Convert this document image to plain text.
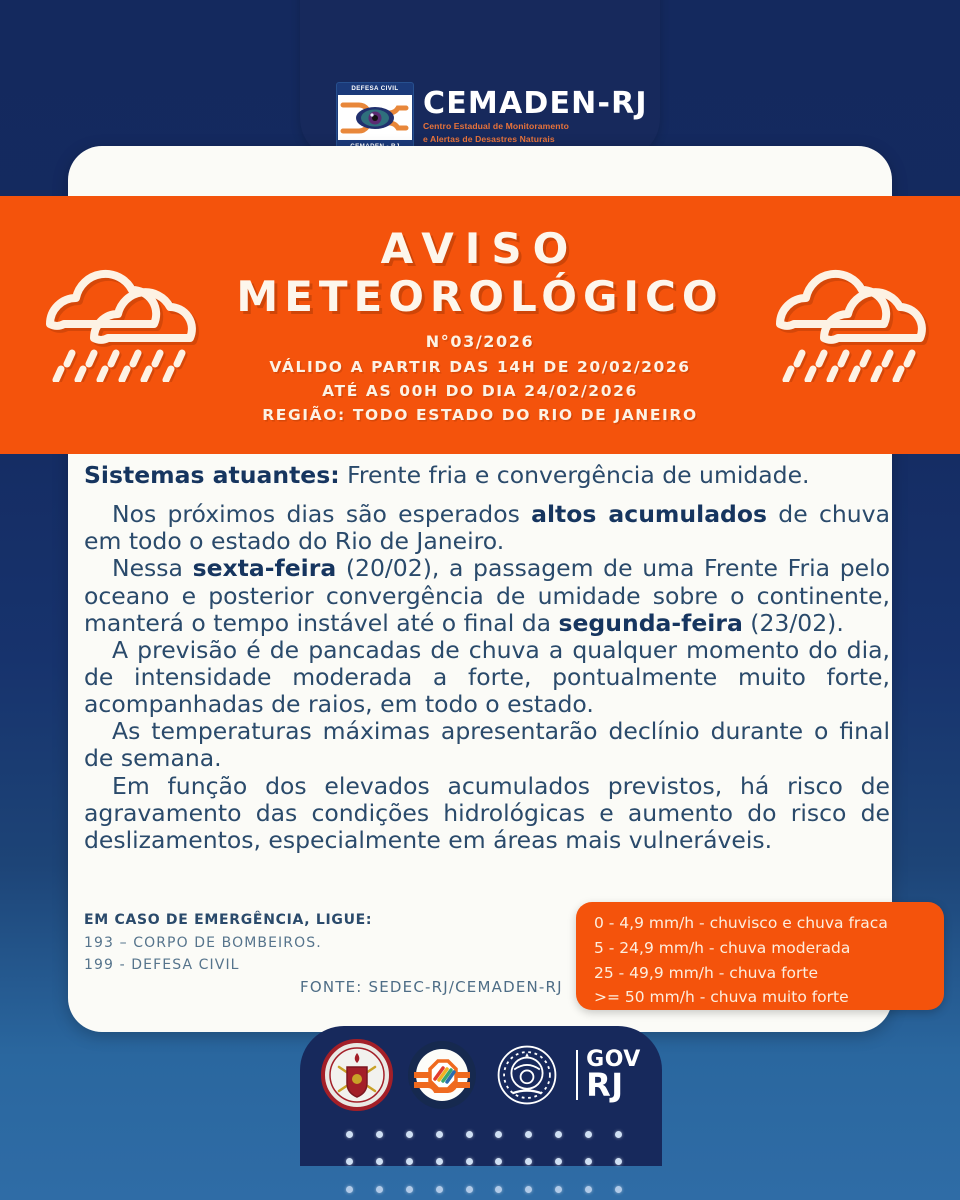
DEFESA CIVIL CEMADEN-RJ
Centro Estadual de Monitoramento
e Alertas de Desastres Naturais
AVISO
METEOROLÓGICO
N°03/2026
VÁLIDO A PARTIR DAS 14H DE 20/02/2026
ATÉ AS 00H DO DIA 24/02/2026
REGIÃO: TODO ESTADO DO RIO DE JANEIRO

Sistemas atuantes: Frente fria e convergência de umidade.

Nos próximos dias são esperados altos acumulados de chuva em todo o estado do Rio de Janeiro.

Nessa sexta-feira (20/02), a passagem de uma Frente Fria pelo oceano e posterior convergência de umidade sobre o continente, manterá o tempo instável até o final da segunda-feira (23/02).

A previsão é de pancadas de chuva a qualquer momento do dia, de intensidade moderada a forte, pontualmente muito forte, acompanhadas de raios, em todo o estado.

As temperaturas máximas apresentarão declínio durante o final de semana.

Em função dos elevados acumulados previstos, há risco de agravamento das condições hidrológicas e aumento do risco de deslizamentos, especialmente em áreas mais vulneráveis.

EM CASO DE EMERGÊNCIA, LIGUE:
193 – CORPO DE BOMBEIROS.
199 - DEFESA CIVIL
FONTE: SEDEC-RJ/CEMADEN-RJ
0 - 4,9 mm/h - chuvisco e chuva fraca
5 - 24,9 mm/h - chuva moderada
25 - 49,9 mm/h - chuva forte
>= 50 mm/h - chuva muito forte
GOV
RJ
